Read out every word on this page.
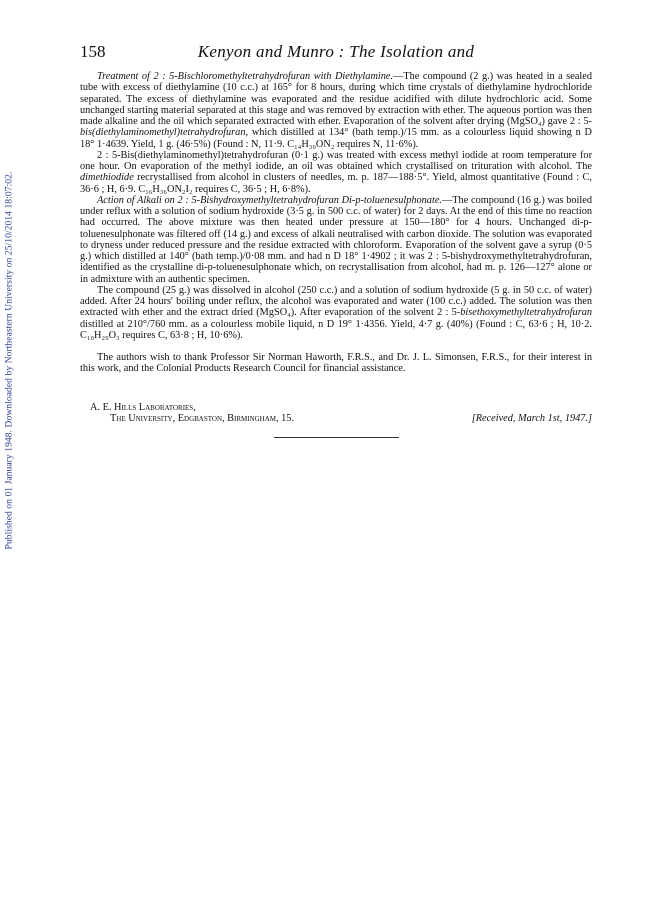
Published on 01 January 1948. Downloaded by Northeastern University on 25/10/2014 18:07:02.
158	Kenyon and Munro : The Isolation and

Treatment of 2 : 5-Bischloromethyltetrahydrofuran with Diethylamine.—The compound (2 g.) was heated in a sealed tube with excess of diethylamine (10 c.c.) at 165° for 8 hours, during which time crystals of diethylamine hydrochloride separated. The excess of diethylamine was evaporated and the residue acidified with dilute hydrochloric acid. Some unchanged starting material separated at this stage and was removed by extraction with ether. The aqueous portion was then made alkaline and the oil which separated extracted with ether. Evaporation of the solvent after drying (MgSO₄) gave 2 : 5-bis(diethylaminomethyl)tetrahydrofuran, which distilled at 134° (bath temp.)/15 mm. as a colourless liquid showing n D 18° 1·4639. Yield, 1 g. (46·5%) (Found : N, 11·9. C₁₄H₃₀ON₂ requires N, 11·6%).

2 : 5-Bis(diethylaminomethyl)tetrahydrofuran (0·1 g.) was treated with excess methyl iodide at room temperature for one hour. On evaporation of the methyl iodide, an oil was obtained which crystallised on trituration with alcohol. The dimethiodide recrystallised from alcohol in clusters of needles, m. p. 187—188·5°. Yield, almost quantitative (Found : C, 36·6 ; H, 6·9. C₁₆H₃₆ON₂I₂ requires C, 36·5 ; H, 6·8%).

Action of Alkali on 2 : 5-Bishydroxymethyltetrahydrofuran Di-p-toluenesulphonate.—The compound (16 g.) was boiled under reflux with a solution of sodium hydroxide (3·5 g. in 500 c.c. of water) for 2 days. At the end of this time no reaction had occurred. The above mixture was then heated under pressure at 150—180° for 4 hours. Unchanged di-p-toluenesulphonate was filtered off (14 g.) and excess of alkali neutralised with carbon dioxide. The solution was evaporated to dryness under reduced pressure and the residue extracted with chloroform. Evaporation of the solvent gave a syrup (0·5 g.) which distilled at 140° (bath temp.)/0·08 mm. and had n D 18° 1·4902 ; it was 2 : 5-bishydroxymethyltetrahydrofuran, identified as the crystalline di-p-toluenesulphonate which, on recrystallisation from alcohol, had m. p. 126—127° alone or in admixture with an authentic specimen.

The compound (25 g.) was dissolved in alcohol (250 c.c.) and a solution of sodium hydroxide (5 g. in 50 c.c. of water) added. After 24 hours' boiling under reflux, the alcohol was evaporated and water (100 c.c.) added. The solution was then extracted with ether and the extract dried (MgSO₄). After evaporation of the solvent 2 : 5-bisethoxymethyltetrahydrofuran distilled at 210°/760 mm. as a colourless mobile liquid, n D 19° 1·4356. Yield, 4·7 g. (40%) (Found : C, 63·6 ; H, 10·2. C₁₀H₂₀O₃ requires C, 63·8 ; H, 10·6%).

The authors wish to thank Professor Sir Norman Haworth, F.R.S., and Dr. J. L. Simonsen, F.R.S., for their interest in this work, and the Colonial Products Research Council for financial assistance.

A. E. Hills Laboratories,
The University, Edgbaston, Birmingham, 15.	[Received, March 1st, 1947.]
